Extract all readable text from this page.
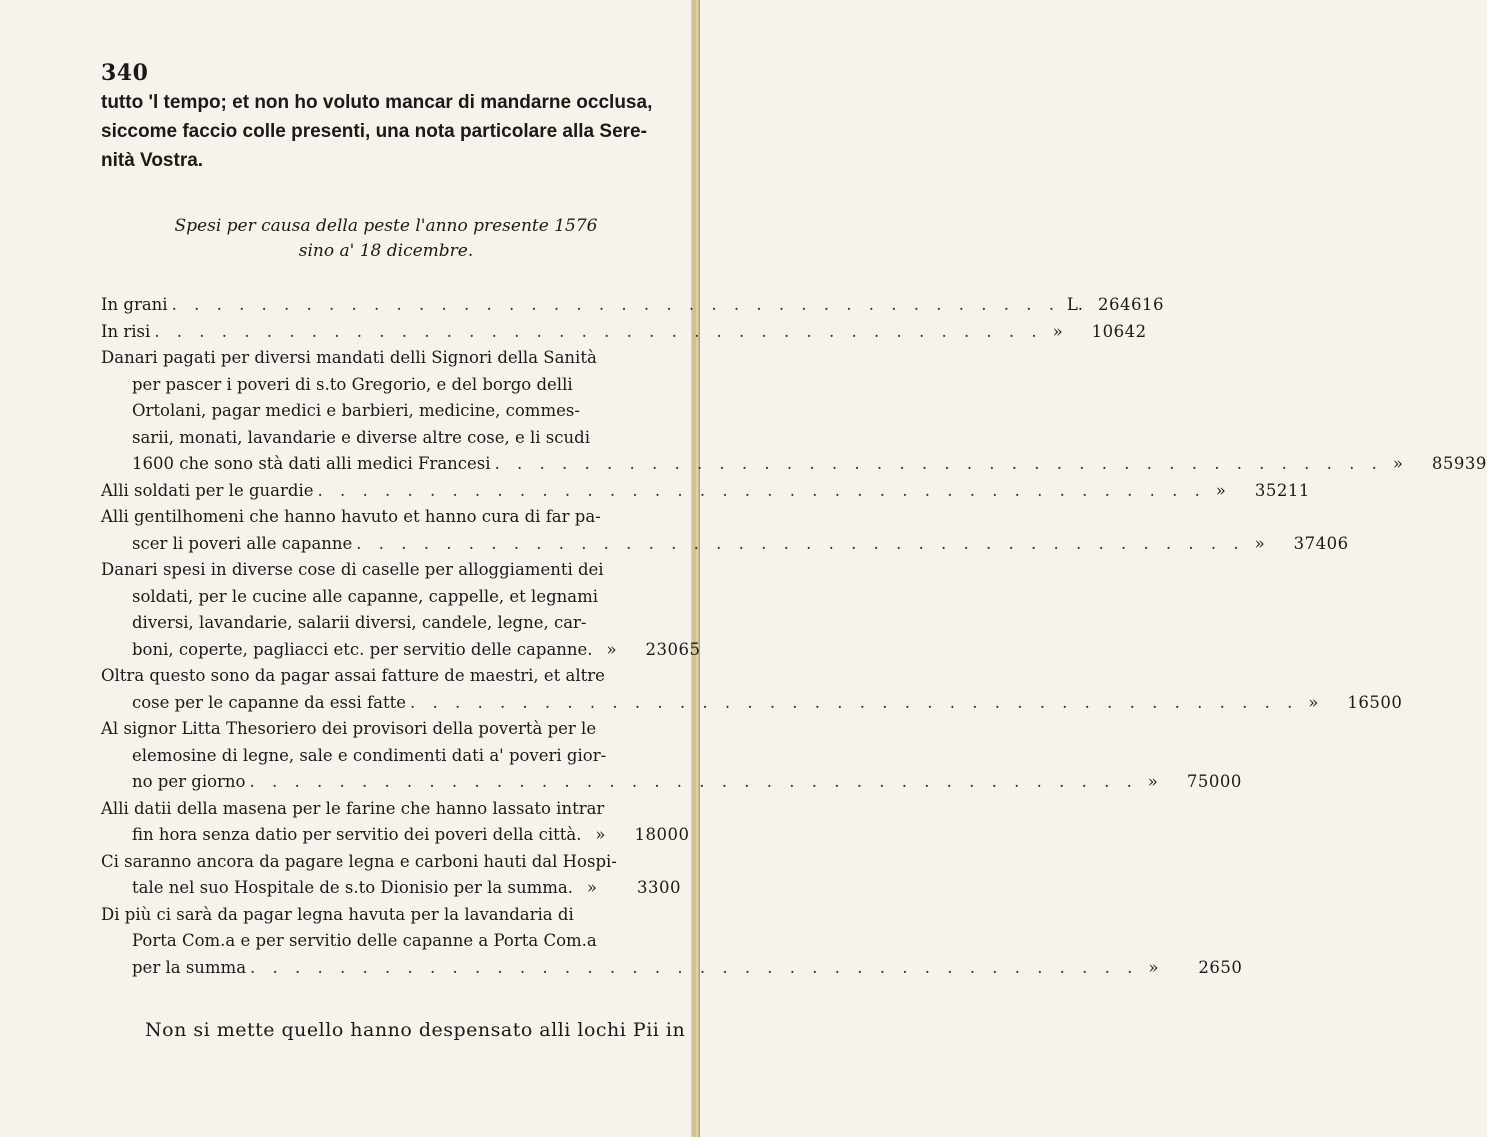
340
tutto 'l tempo; et non ho voluto mancar di mandarne occlusa,
siccome faccio colle presenti, una nota particolare alla Sere-
nità Vostra.
Spesi per causa della peste l'anno presente 1576
sino a' 18 dicembre.
In grani . . . . . . . . . . . . . . . . . . . . . . . . . . . . . . . . . . . . . . . . L. 264616
In risi . . . . . . . . . . . . . . . . . . . . . . . . . . . . . . . . . . . . . . . . »	10642
Danari pagati per diversi mandati delli Signori della Sanità
per pascer i poveri di s.to Gregorio, e del borgo delli
Ortolani, pagar medici e barbieri, medicine, commes-
sarii, monati, lavandarie e diverse altre cose, e li scudi
1600 che sono stà dati alli medici Francesi . . . . . . . . . . . . . . . . . . . . . . . . . . . . . . . . . . . . . . . . »	85939
Alli soldati per le guardie . . . . . . . . . . . . . . . . . . . . . . . . . . . . . . . . . . . . . . . . »	35211
Alli gentilhomeni che hanno havuto et hanno cura di far pa-
scer li poveri alle capanne . . . . . . . . . . . . . . . . . . . . . . . . . . . . . . . . . . . . . . . . »	37406
Danari spesi in diverse cose di caselle per alloggiamenti dei
soldati, per le cucine alle capanne, cappelle, et legnami
diversi, lavandarie, salarii diversi, candele, legne, car-
boni, coperte, pagliacci etc. per servitio delle capanne. »	23065
Oltra questo sono da pagar assai fatture de maestri, et altre
cose per le capanne da essi fatte . . . . . . . . . . . . . . . . . . . . . . . . . . . . . . . . . . . . . . . . »	16500
Al signor Litta Thesoriero dei provisori della povertà per le
elemosine di legne, sale e condimenti dati a' poveri gior-
no per giorno . . . . . . . . . . . . . . . . . . . . . . . . . . . . . . . . . . . . . . . . »	75000
Alli datii della masena per le farine che hanno lassato intrar
fin hora senza datio per servitio dei poveri della città. »	18000
Ci saranno ancora da pagare legna e carboni hauti dal Hospi-
tale nel suo Hospitale de s.to Dionisio per la summa. »	3300
Di più ci sarà da pagar legna havuta per la lavandaria di
Porta Com.a e per servitio delle capanne a Porta Com.a
per la summa . . . . . . . . . . . . . . . . . . . . . . . . . . . . . . . . . . . . . . . . »	2650
Non si mette quello hanno despensato alli lochi Pii in
